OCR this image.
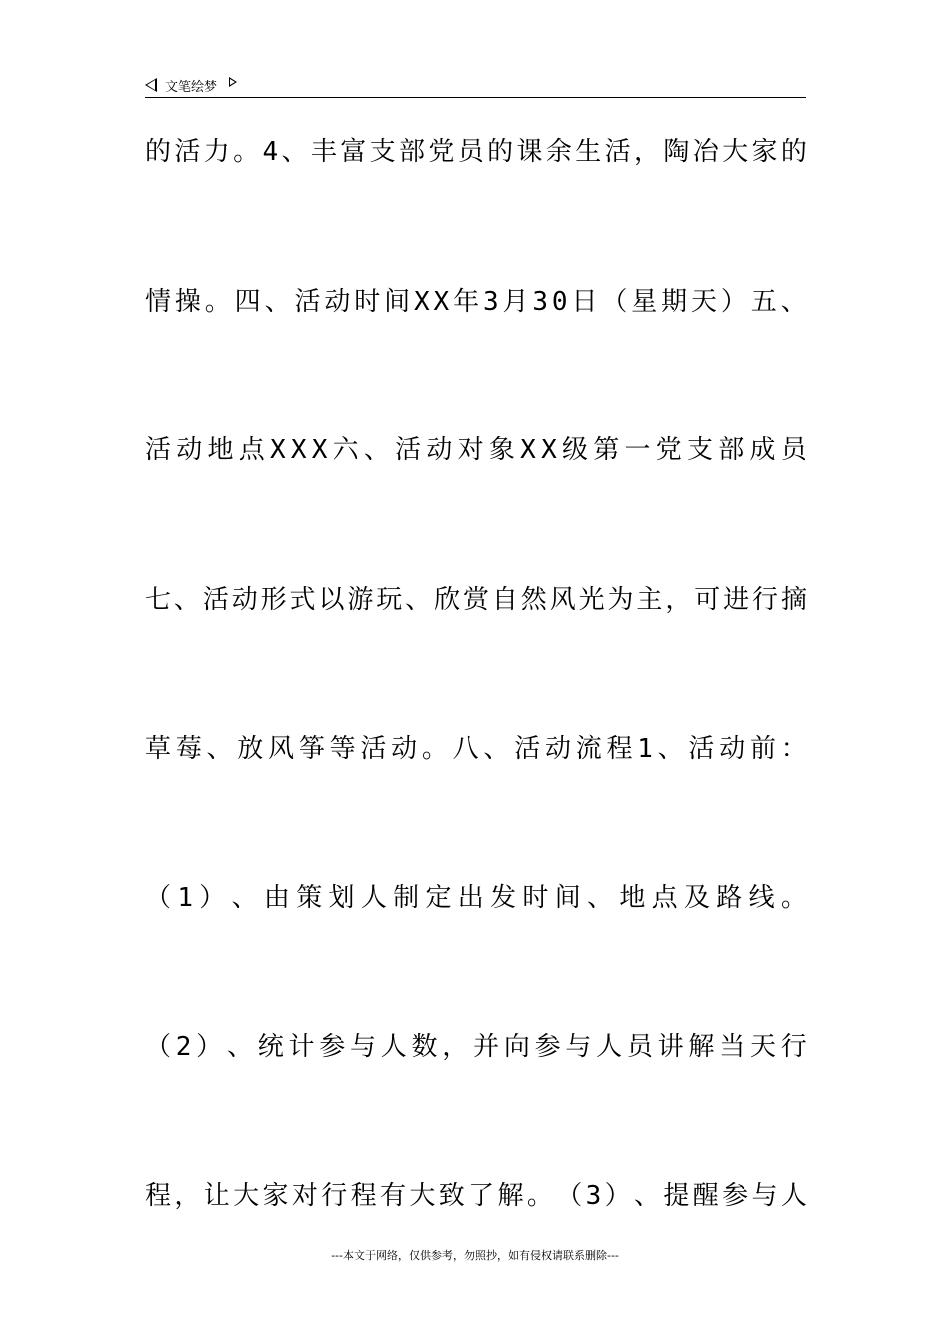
文笔绘梦
的 活 力 。 4 、 丰 富 支 部 党 员 的 课 余 生 活 ， 陶 冶 大 家 的
情 操 。 四 、 活 动 时 间 X X 年 3 月 3 0 日 （ 星 期 天 ） 五 、
活 动 地 点 X X X 六 、 活 动 对 象 X X 级 第 一 党 支 部 成 员
七 、 活 动 形 式 以 游 玩 、 欣 赏 自 然 风 光 为 主 ， 可 进 行 摘
草 莓 、 放 风 筝 等 活 动 。 八 、 活 动 流 程 1 、 活 动 前 ：
（ 1 ） 、 由 策 划 人 制 定 出 发 时 间 、 地 点 及 路 线 。
（ 2 ） 、 统 计 参 与 人 数 ， 并 向 参 与 人 员 讲 解 当 天 行
程 ， 让 大 家 对 行 程 有 大 致 了 解 。 （ 3 ） 、 提 醒 参 与 人
---本文于网络，仅供参考，勿照抄，如有侵权请联系删除---
